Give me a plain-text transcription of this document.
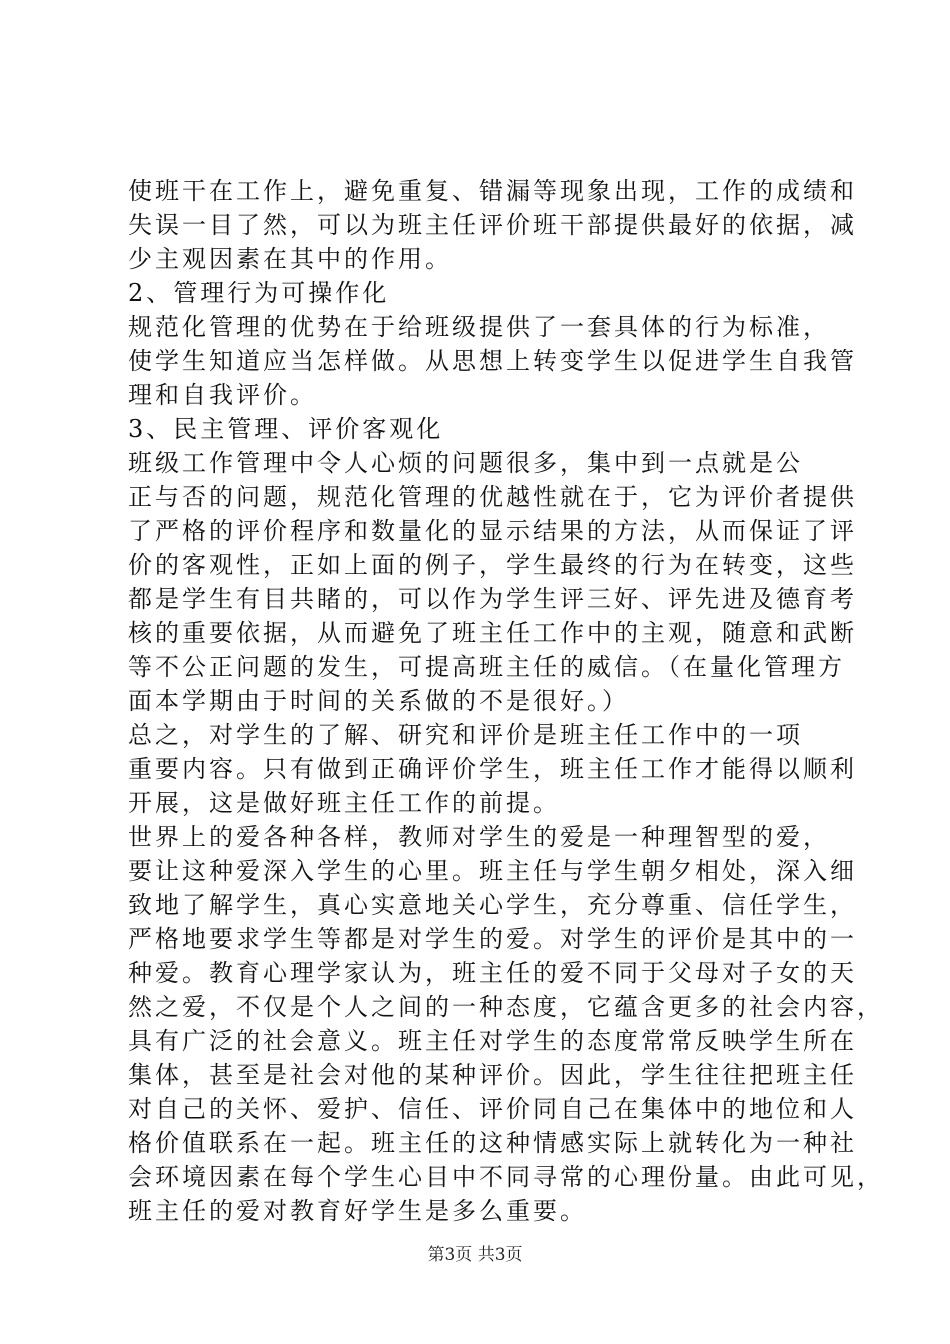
使班干在工作上，避免重复、错漏等现象出现，工作的成绩和
失误一目了然，可以为班主任评价班干部提供最好的依据，减
少主观因素在其中的作用。
2、管理行为可操作化
规范化管理的优势在于给班级提供了一套具体的行为标准，
使学生知道应当怎样做。从思想上转变学生以促进学生自我管
理和自我评价。
3、民主管理、评价客观化
班级工作管理中令人心烦的问题很多，集中到一点就是公
正与否的问题，规范化管理的优越性就在于，它为评价者提供
了严格的评价程序和数量化的显示结果的方法，从而保证了评
价的客观性，正如上面的例子，学生最终的行为在转变，这些
都是学生有目共睹的，可以作为学生评三好、评先进及德育考
核的重要依据，从而避免了班主任工作中的主观，随意和武断
等不公正问题的发生，可提高班主任的威信。（在量化管理方
面本学期由于时间的关系做的不是很好。）
总之，对学生的了解、研究和评价是班主任工作中的一项
重要内容。只有做到正确评价学生，班主任工作才能得以顺利
开展，这是做好班主任工作的前提。
世界上的爱各种各样，教师对学生的爱是一种理智型的爱，
要让这种爱深入学生的心里。班主任与学生朝夕相处，深入细
致地了解学生，真心实意地关心学生，充分尊重、信任学生，
严格地要求学生等都是对学生的爱。对学生的评价是其中的一
种爱。教育心理学家认为，班主任的爱不同于父母对子女的天
然之爱，不仅是个人之间的一种态度，它蕴含更多的社会内容，
具有广泛的社会意义。班主任对学生的态度常常反映学生所在
集体，甚至是社会对他的某种评价。因此，学生往往把班主任
对自己的关怀、爱护、信任、评价同自己在集体中的地位和人
格价值联系在一起。班主任的这种情感实际上就转化为一种社
会环境因素在每个学生心目中不同寻常的心理份量。由此可见，
班主任的爱对教育好学生是多么重要。
第3页 共3页
